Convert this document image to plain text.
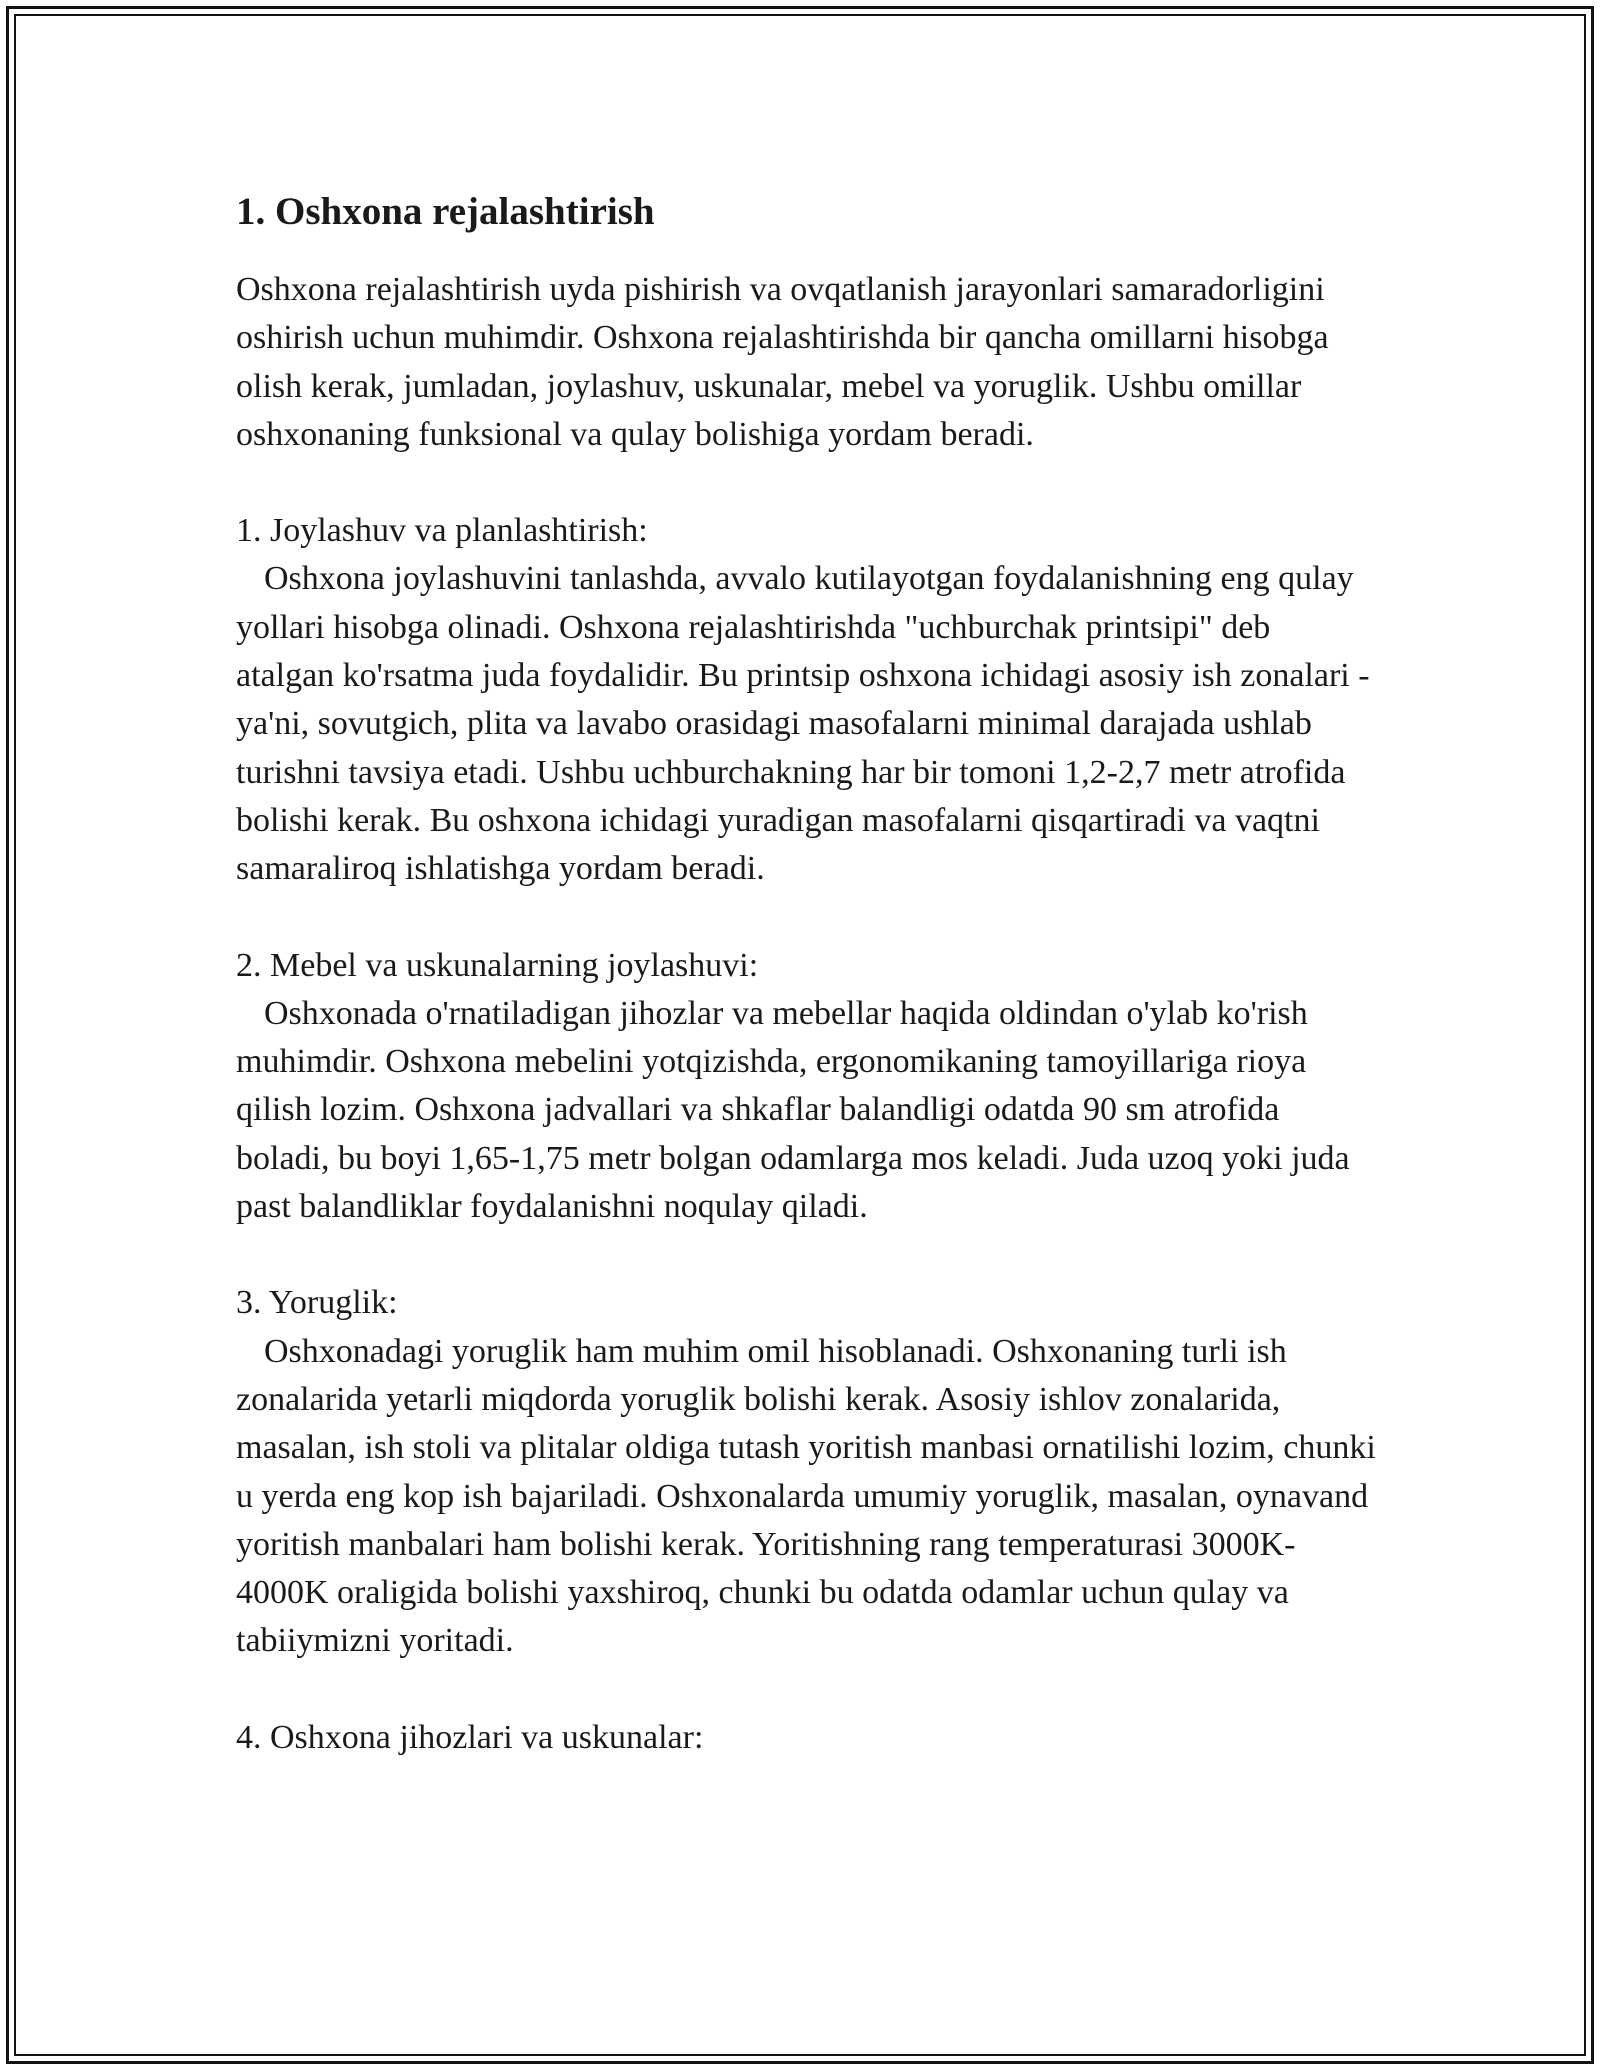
1. Oshxona rejalashtirish

Oshxona rejalashtirish uyda pishirish va ovqatlanish jarayonlari samaradorligini oshirish uchun muhimdir. Oshxona rejalashtirishda bir qancha omillarni hisobga olish kerak, jumladan, joylashuv, uskunalar, mebel va yoruglik. Ushbu omillar oshxonaning funksional va qulay bolishiga yordam beradi.

1. Joylashuv va planlashtirish:

Oshxona joylashuvini tanlashda, avvalo kutilayotgan foydalanishning eng qulay yollari hisobga olinadi. Oshxona rejalashtirishda "uchburchak printsipi" deb atalgan ko'rsatma juda foydalidir. Bu printsip oshxona ichidagi asosiy ish zonalari - ya'ni, sovutgich, plita va lavabo orasidagi masofalarni minimal darajada ushlab turishni tavsiya etadi. Ushbu uchburchakning har bir tomoni 1,2-2,7 metr atrofida bolishi kerak. Bu oshxona ichidagi yuradigan masofalarni qisqartiradi va vaqtni samaraliroq ishlatishga yordam beradi.

2. Mebel va uskunalarning joylashuvi:

Oshxonada o'rnatiladigan jihozlar va mebellar haqida oldindan o'ylab ko'rish muhimdir. Oshxona mebelini yotqizishda, ergonomikaning tamoyillariga rioya qilish lozim. Oshxona jadvallari va shkaflar balandligi odatda 90 sm atrofida boladi, bu boyi 1,65-1,75 metr bolgan odamlarga mos keladi. Juda uzoq yoki juda past balandliklar foydalanishni noqulay qiladi.

3. Yoruglik:

Oshxonadagi yoruglik ham muhim omil hisoblanadi. Oshxonaning turli ish zonalarida yetarli miqdorda yoruglik bolishi kerak. Asosiy ishlov zonalarida, masalan, ish stoli va plitalar oldiga tutash yoritish manbasi ornatilishi lozim, chunki u yerda eng kop ish bajariladi. Oshxonalarda umumiy yoruglik, masalan, oynavand yoritish manbalari ham bolishi kerak. Yoritishning rang temperaturasi 3000K-4000K oraligida bolishi yaxshiroq, chunki bu odatda odamlar uchun qulay va tabiiymizni yoritadi.

4. Oshxona jihozlari va uskunalar:
